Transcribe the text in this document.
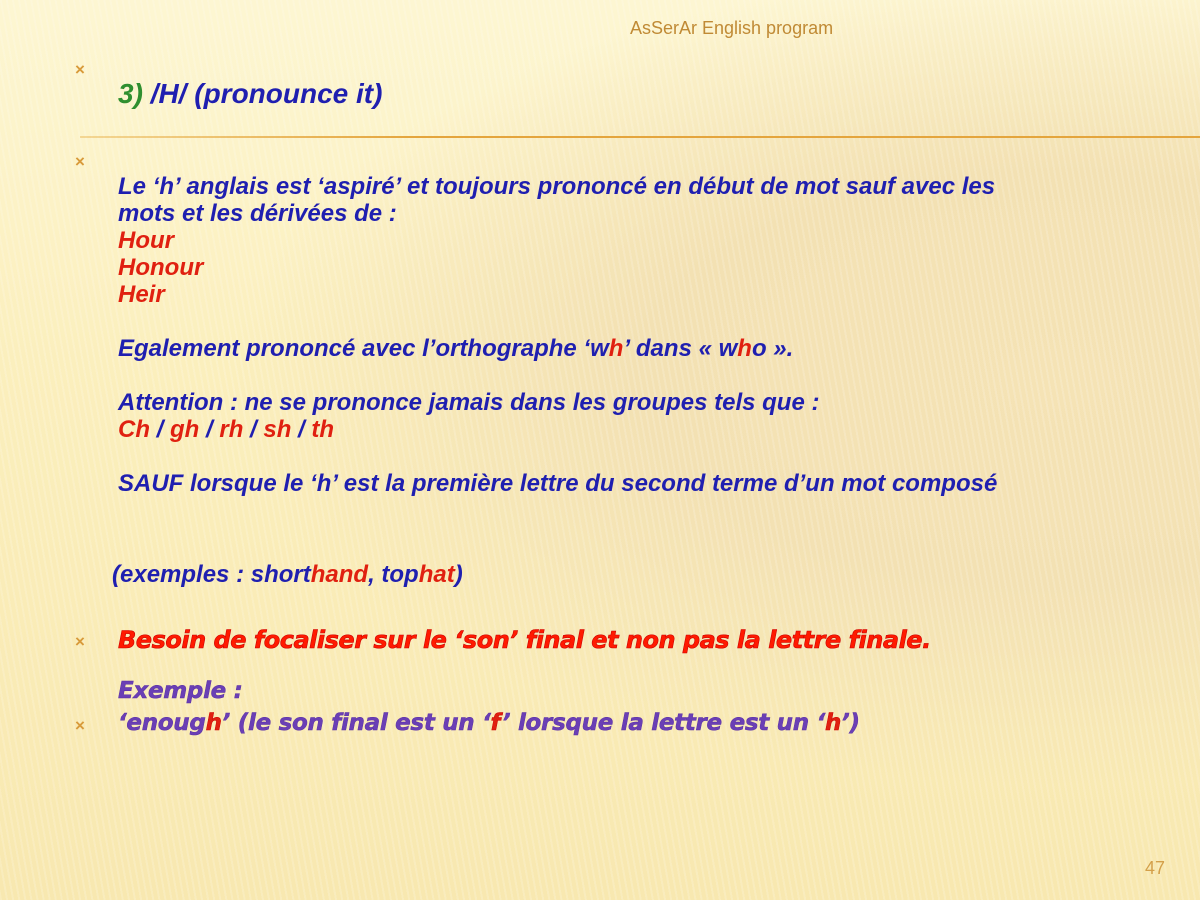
AsSerAr English program
×
3) /H/ (pronounce it)
×
Le ‘h’ anglais est ‘aspiré’ et toujours prononcé en début de mot sauf avec les
mots et les dérivées de :
Hour
Honour
Heir
Egalement prononcé avec l’orthographe ‘wh’ dans « who ».
Attention : ne se prononce jamais dans les groupes tels que :
Ch / gh / rh / sh / th
SAUF lorsque le ‘h’ est la première lettre du second terme d’un mot composé
(exemples : shorthand, tophat)
× Besoin de focaliser sur le ‘son’ final et non pas la lettre finale.
Exemple :
× ‘enough’ (le son final est un ‘f’ lorsque la lettre est un ‘h’)
47
